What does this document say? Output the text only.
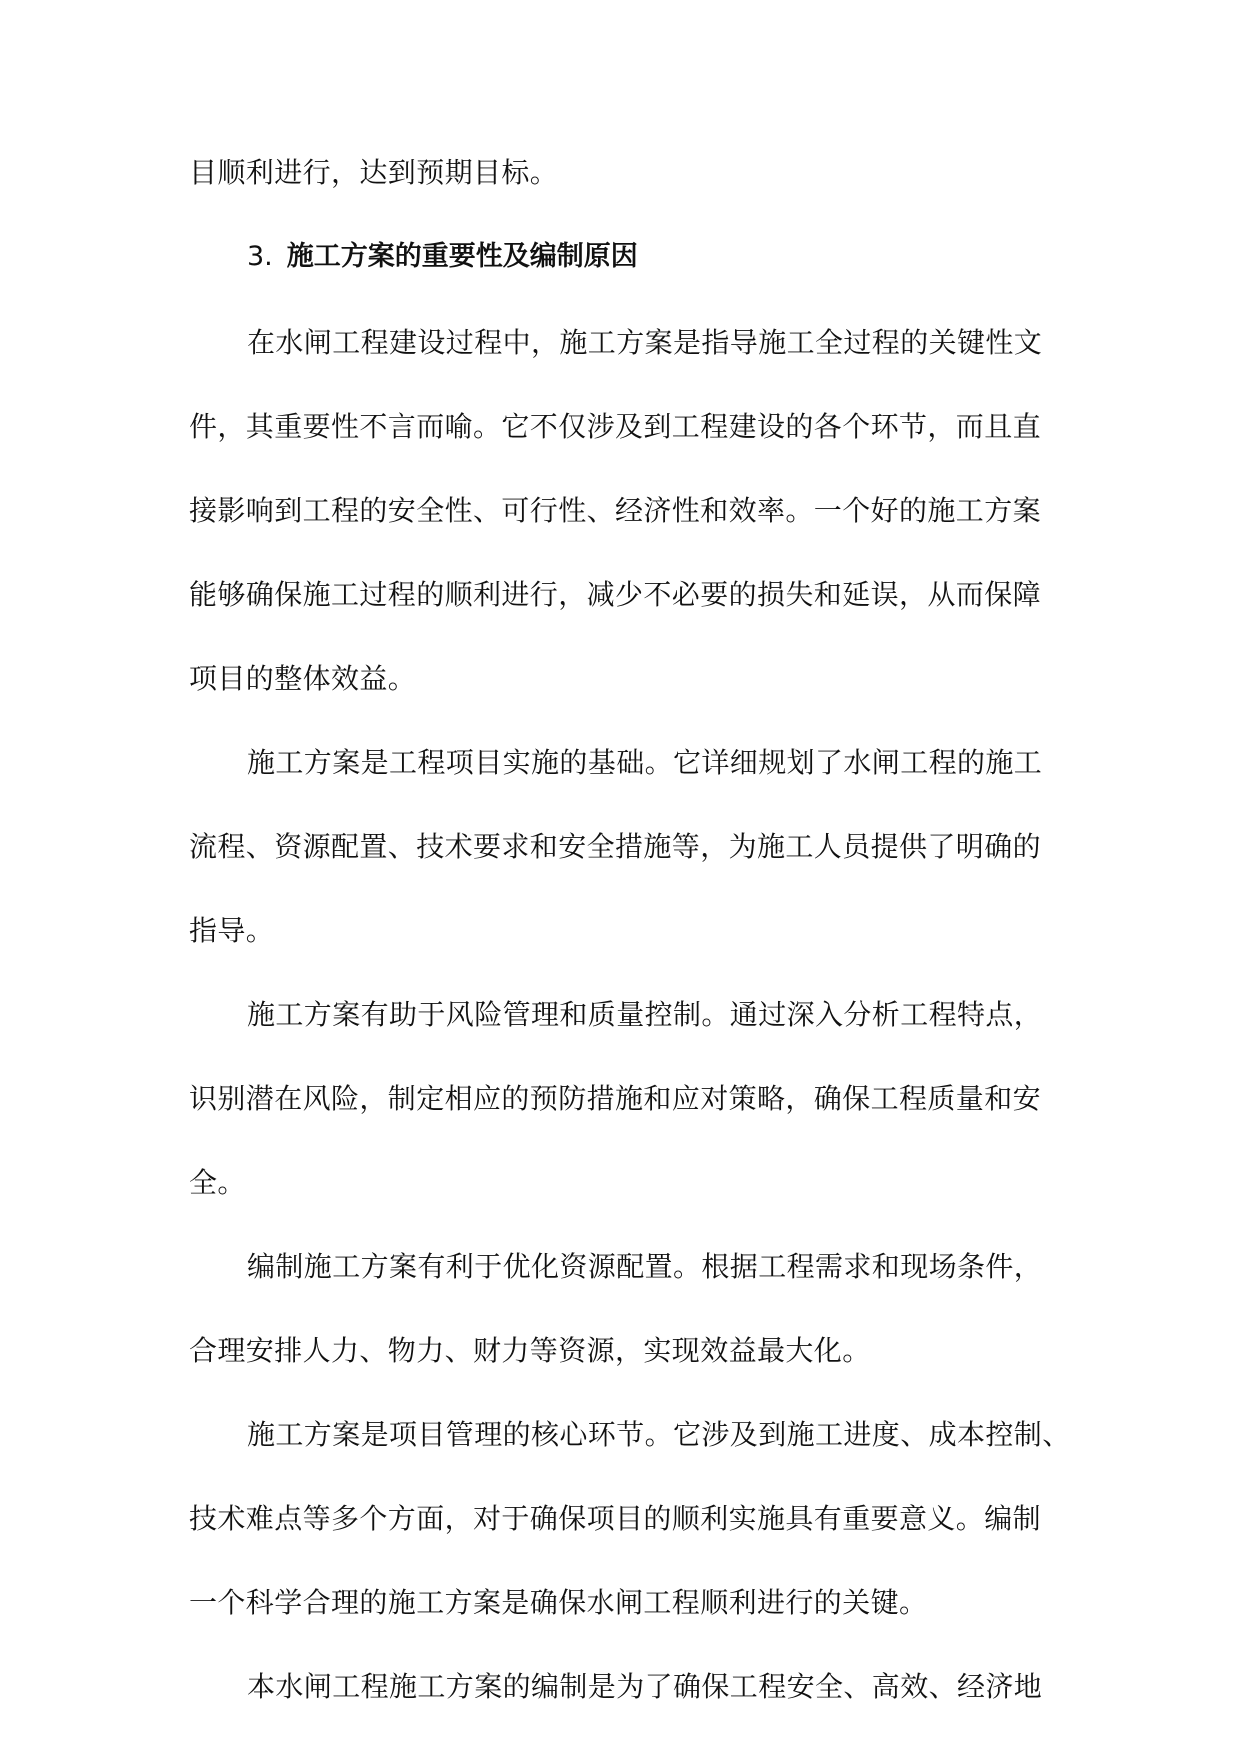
目顺利进行，达到预期目标。
3. 施工方案的重要性及编制原因
在水闸工程建设过程中，施工方案是指导施工全过程的关键性文
件，其重要性不言而喻。它不仅涉及到工程建设的各个环节，而且直
接影响到工程的安全性、可行性、经济性和效率。一个好的施工方案
能够确保施工过程的顺利进行，减少不必要的损失和延误，从而保障
项目的整体效益。
施工方案是工程项目实施的基础。它详细规划了水闸工程的施工
流程、资源配置、技术要求和安全措施等，为施工人员提供了明确的
指导。
施工方案有助于风险管理和质量控制。通过深入分析工程特点，
识别潜在风险，制定相应的预防措施和应对策略，确保工程质量和安
全。
编制施工方案有利于优化资源配置。根据工程需求和现场条件，
合理安排人力、物力、财力等资源，实现效益最大化。
施工方案是项目管理的核心环节。它涉及到施工进度、成本控制、
技术难点等多个方面，对于确保项目的顺利实施具有重要意义。编制
一个科学合理的施工方案是确保水闸工程顺利进行的关键。
本水闸工程施工方案的编制是为了确保工程安全、高效、经济地
